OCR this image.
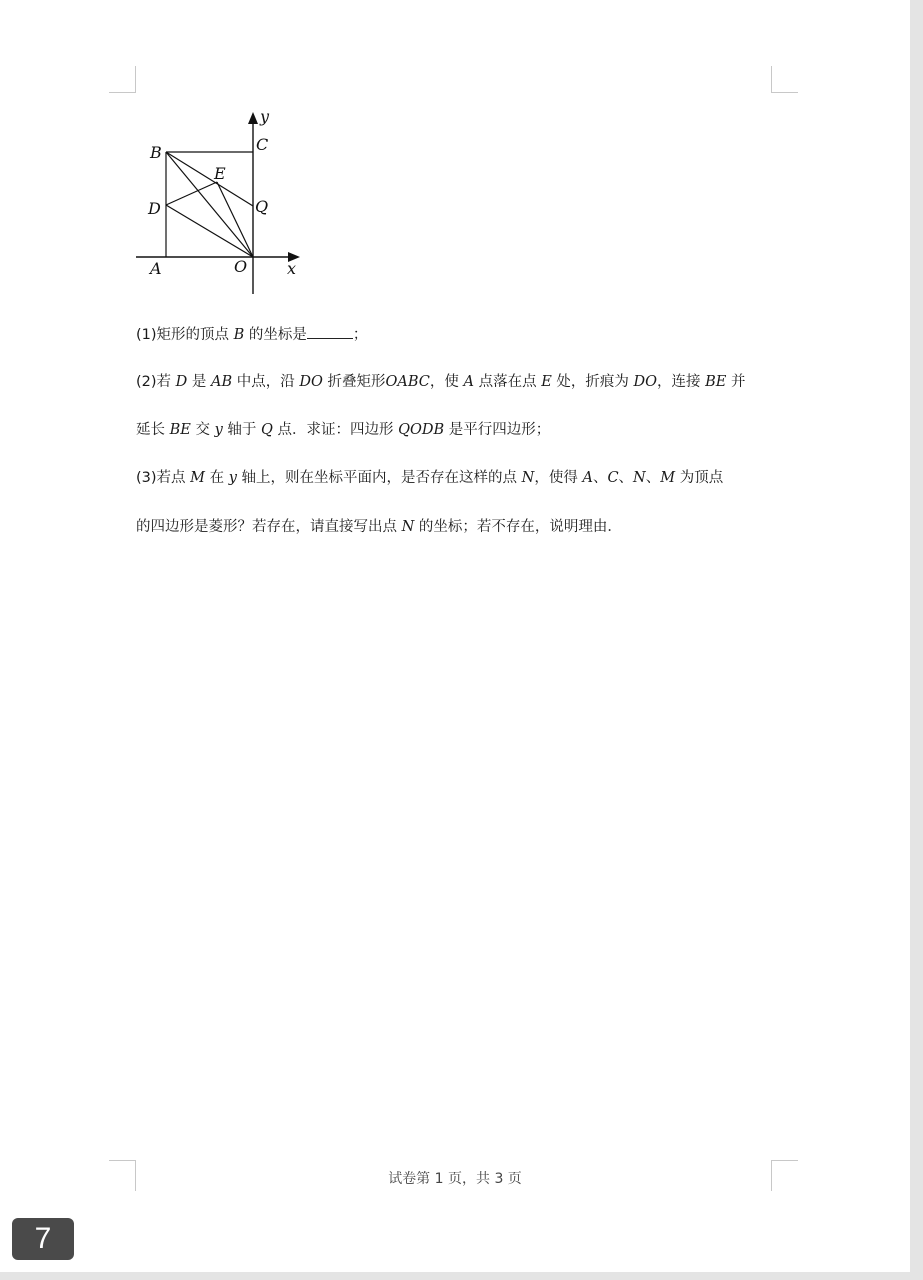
y
x
B	C
E
D	Q
A	O
(1)矩形的顶点 B 的坐标是	；
(2)若 D 是 AB 中点，沿 DO 折叠矩形OABC，使 A 点落在点 E 处，折痕为 DO，连接 BE 并
延长 BE 交 y 轴于 Q 点．求证：四边形 QODB 是平行四边形；
(3)若点 M 在 y 轴上，则在坐标平面内，是否存在这样的点 N，使得 A、C、N、M 为顶点
的四边形是菱形？若存在，请直接写出点 N 的坐标；若不存在，说明理由．
试卷第 1 页，共 3 页
7
